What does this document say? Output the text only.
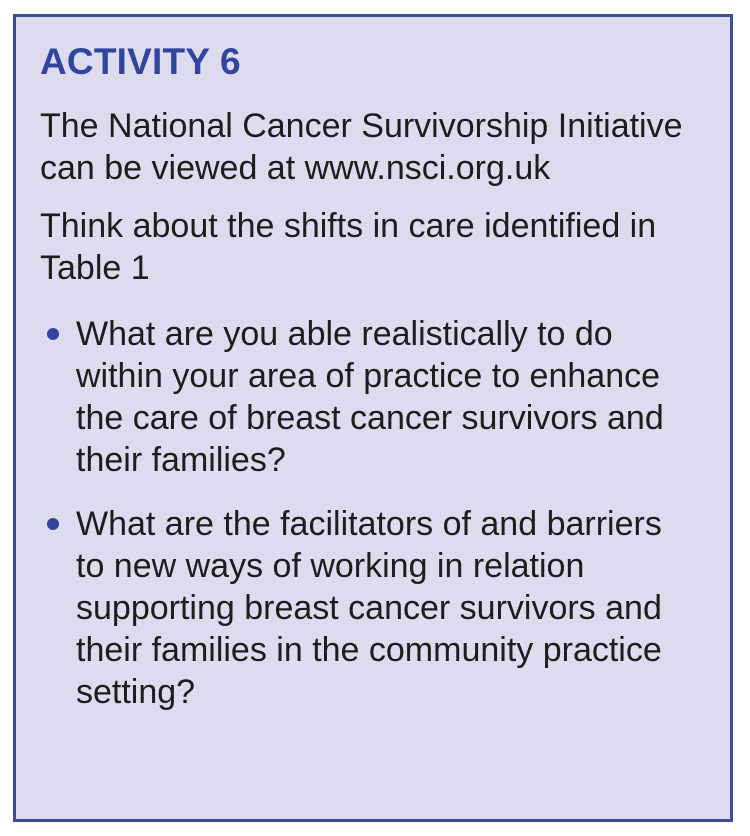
ACTIVITY 6

The National Cancer Survivorship Initiative can be viewed at www.nsci.org.uk

Think about the shifts in care identified in Table 1

What are you able realistically to do within your area of practice to enhance the care of breast cancer survivors and their families?
What are the facilitators of and barriers to new ways of working in relation supporting breast cancer survivors and their families in the community practice setting?
